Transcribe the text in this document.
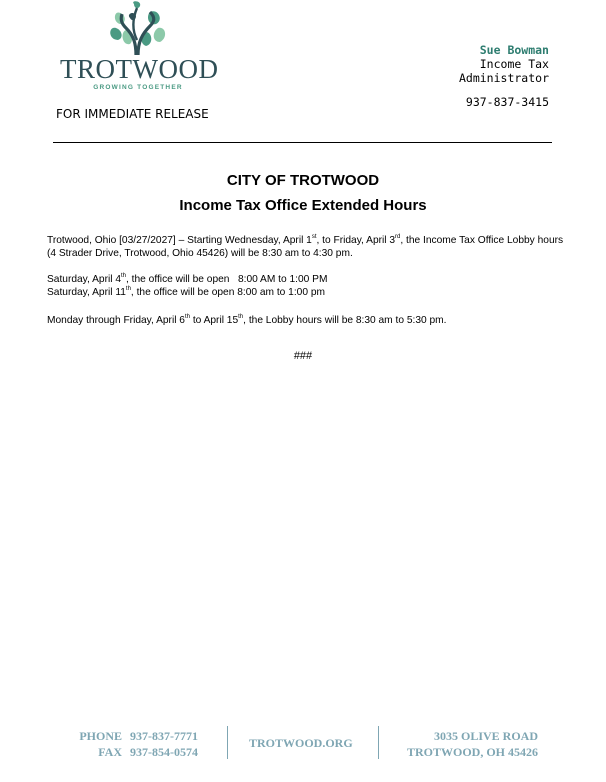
TROTWOOD
GROWING TOGETHER
Sue Bowman
Income Tax
Administrator
937-837-3415
FOR IMMEDIATE RELEASE
CITY OF TROTWOOD
Income Tax Office Extended Hours
Trotwood, Ohio [03/27/2027] – Starting Wednesday, April 1st, to Friday, April 3rd, the Income Tax Office Lobby hours (4 Strader Drive, Trotwood, Ohio 45426) will be 8:30 am to 4:30 pm.
Saturday, April 4th, the office will be open   8:00 AM to 1:00 PM
Saturday, April 11th, the office will be open 8:00 am to 1:00 pm
Monday through Friday, April 6th to April 15th, the Lobby hours will be 8:30 am to 5:30 pm.
###
PHONE 937-837-7771
FAX 937-854-0574
TROTWOOD.ORG	3035 OLIVE ROAD
TROTWOOD, OH 45426
